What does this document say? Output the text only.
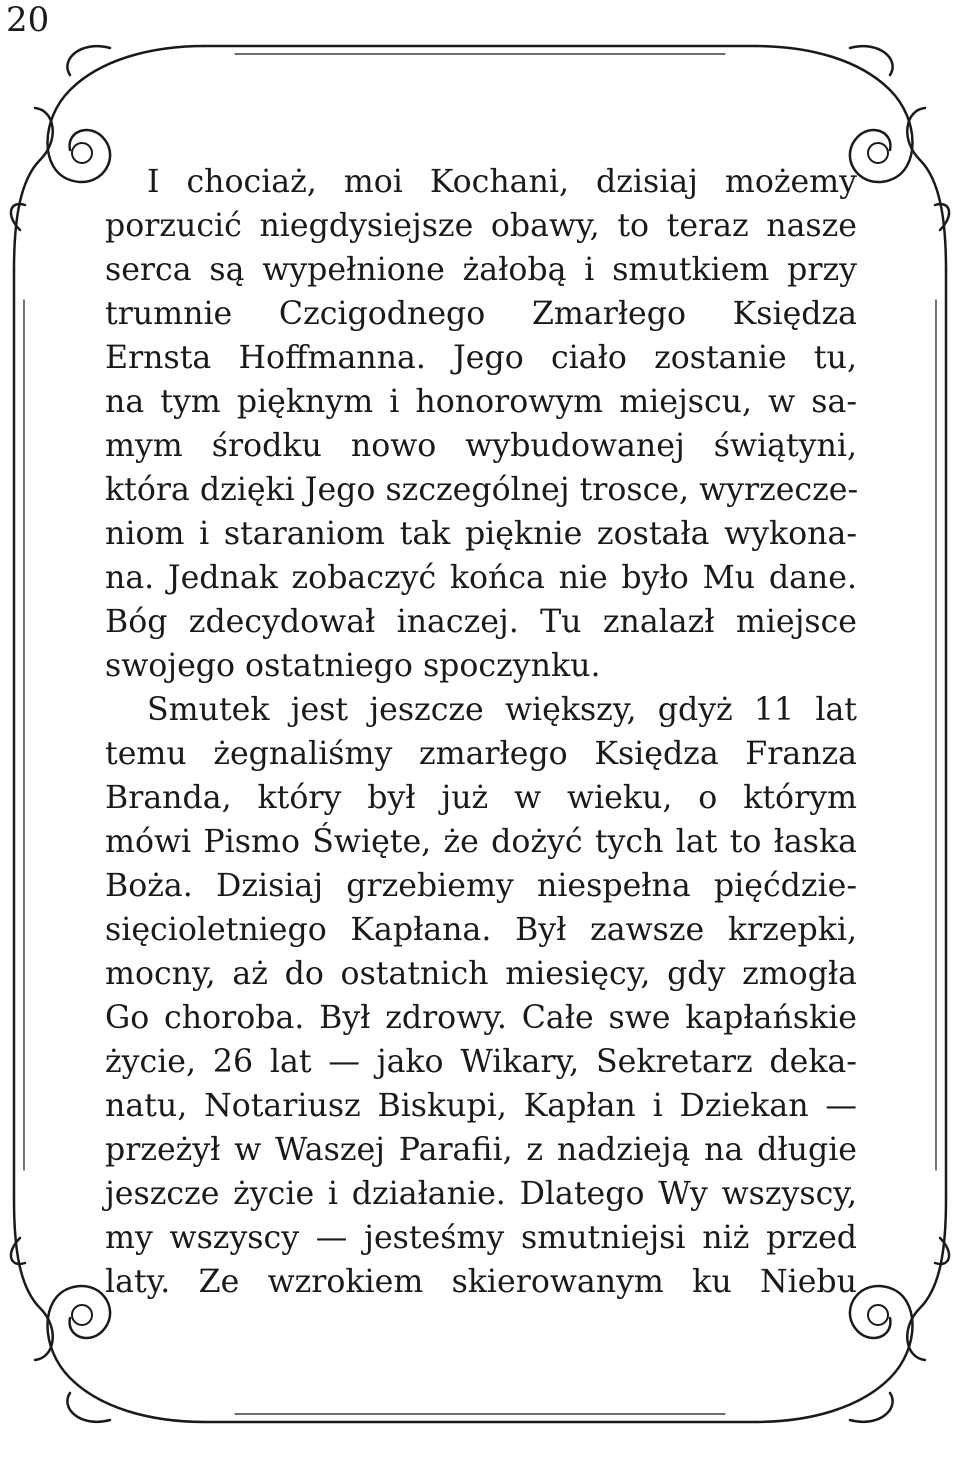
20
I chociaż, moi Kochani, dzisiaj możemy
porzucić niegdysiejsze obawy, to teraz nasze
serca są wypełnione żałobą i smutkiem przy
trumnie Czcigodnego Zmarłego Księdza
Ernsta Hoffmanna. Jego ciało zostanie tu,
na tym pięknym i honorowym miejscu, w sa-
mym środku nowo wybudowanej świątyni,
która dzięki Jego szczególnej trosce, wyrzecze-
niom i staraniom tak pięknie została wykona-
na. Jednak zobaczyć końca nie było Mu dane.
Bóg zdecydował inaczej. Tu znalazł miejsce
swojego ostatniego spoczynku.
Smutek jest jeszcze większy, gdyż 11 lat
temu żegnaliśmy zmarłego Księdza Franza
Branda, który był już w wieku, o którym
mówi Pismo Święte, że dożyć tych lat to łaska
Boża. Dzisiaj grzebiemy niespełna pięćdzie-
sięcioletniego Kapłana. Był zawsze krzepki,
mocny, aż do ostatnich miesięcy, gdy zmogła
Go choroba. Był zdrowy. Całe swe kapłańskie
życie, 26 lat — jako Wikary, Sekretarz deka-
natu, Notariusz Biskupi, Kapłan i Dziekan —
przeżył w Waszej Parafii, z nadzieją na długie
jeszcze życie i działanie. Dlatego Wy wszyscy,
my wszyscy — jesteśmy smutniejsi niż przed
laty. Ze wzrokiem skierowanym ku Niebu
